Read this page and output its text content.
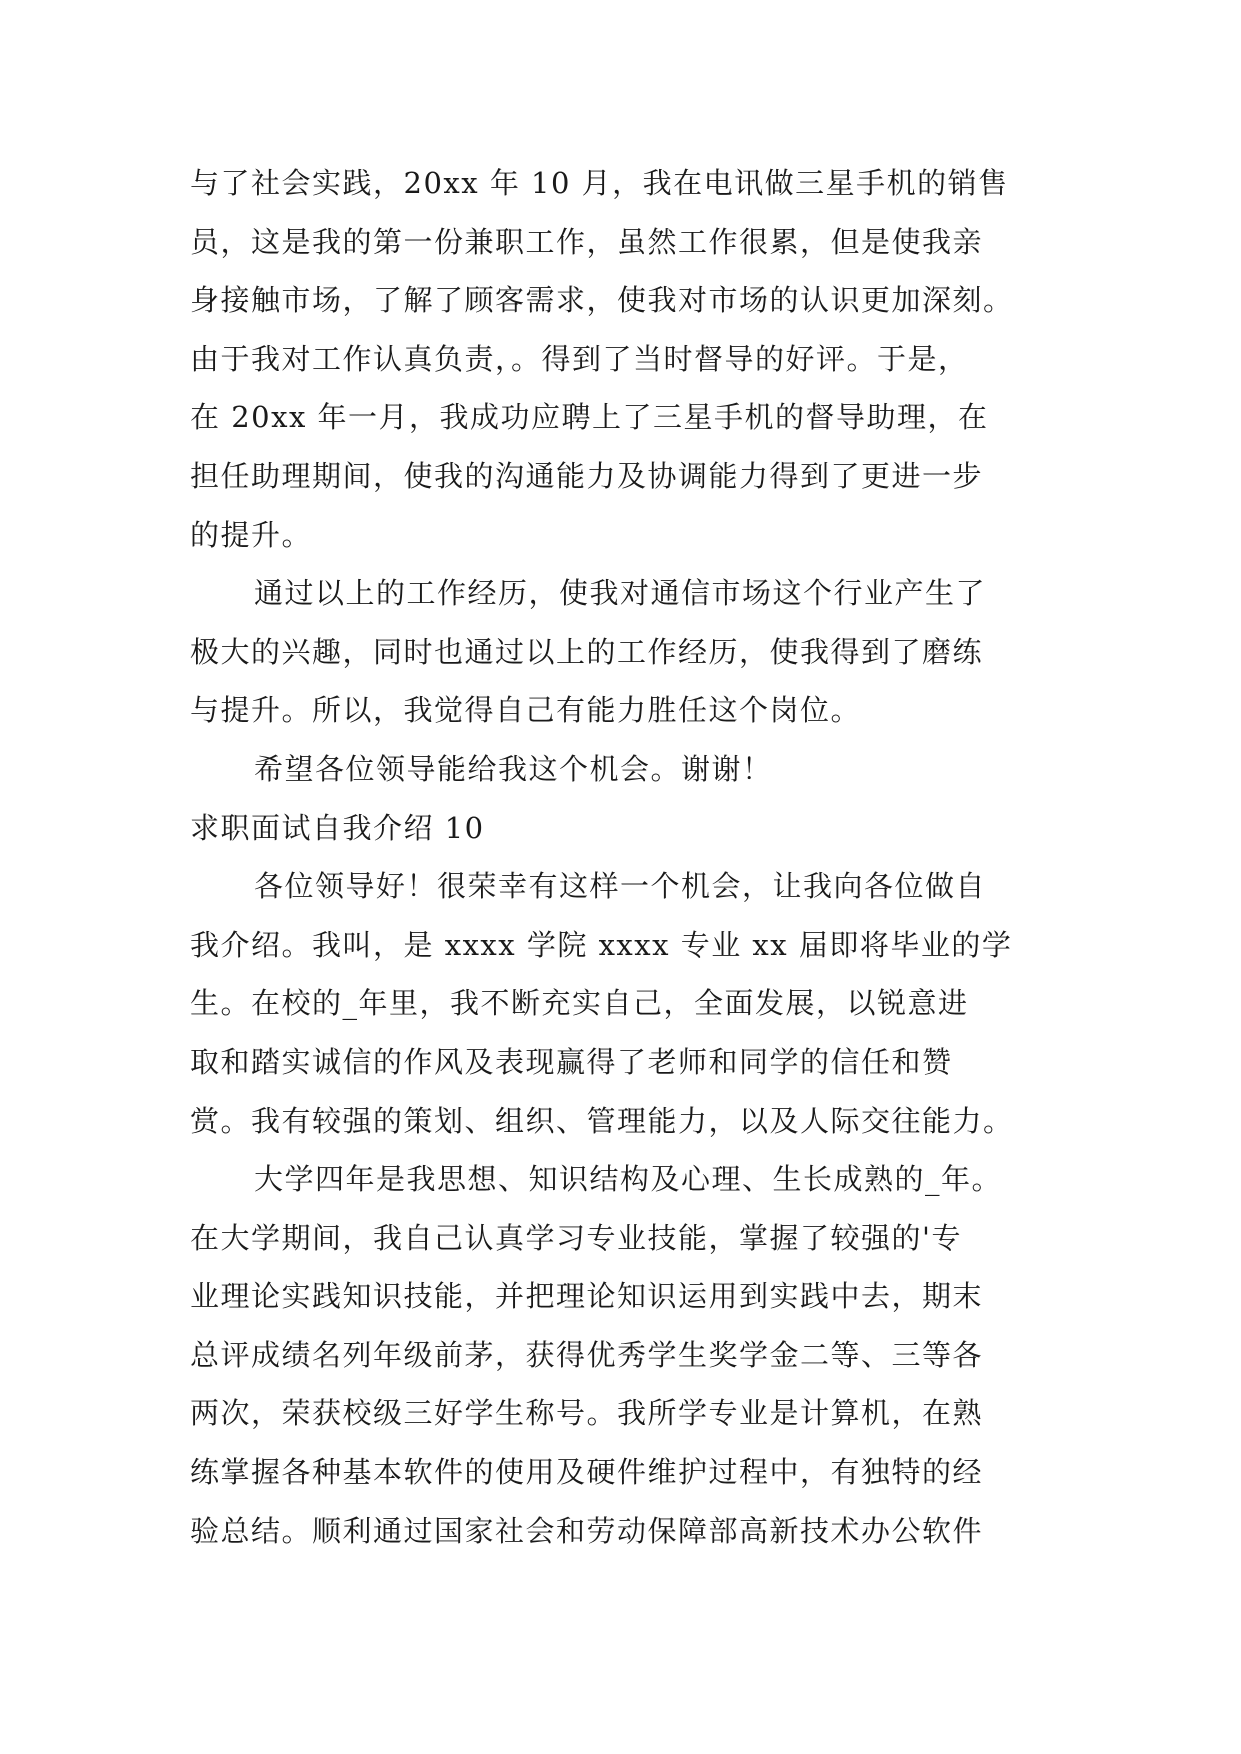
与了社会实践，20xx 年 10 月，我在电讯做三星手机的销售
员，这是我的第一份兼职工作，虽然工作很累，但是使我亲
身接触市场，了解了顾客需求，使我对市场的认识更加深刻。
由于我对工作认真负责，。得到了当时督导的好评。于是，
在 20xx 年一月，我成功应聘上了三星手机的督导助理，在
担任助理期间，使我的沟通能力及协调能力得到了更进一步
的提升。
通过以上的工作经历，使我对通信市场这个行业产生了
极大的兴趣，同时也通过以上的工作经历，使我得到了磨练
与提升。所以，我觉得自己有能力胜任这个岗位。
希望各位领导能给我这个机会。谢谢！
求职面试自我介绍 10
各位领导好！很荣幸有这样一个机会，让我向各位做自
我介绍。我叫，是 xxxx 学院 xxxx 专业 xx 届即将毕业的学
生。在校的_年里，我不断充实自己，全面发展，以锐意进
取和踏实诚信的作风及表现赢得了老师和同学的信任和赞
赏。我有较强的策划、组织、管理能力，以及人际交往能力。
大学四年是我思想、知识结构及心理、生长成熟的_年。
在大学期间，我自己认真学习专业技能，掌握了较强的'专
业理论实践知识技能，并把理论知识运用到实践中去，期末
总评成绩名列年级前茅，获得优秀学生奖学金二等、三等各
两次，荣获校级三好学生称号。我所学专业是计算机，在熟
练掌握各种基本软件的使用及硬件维护过程中，有独特的经
验总结。顺利通过国家社会和劳动保障部高新技术办公软件
